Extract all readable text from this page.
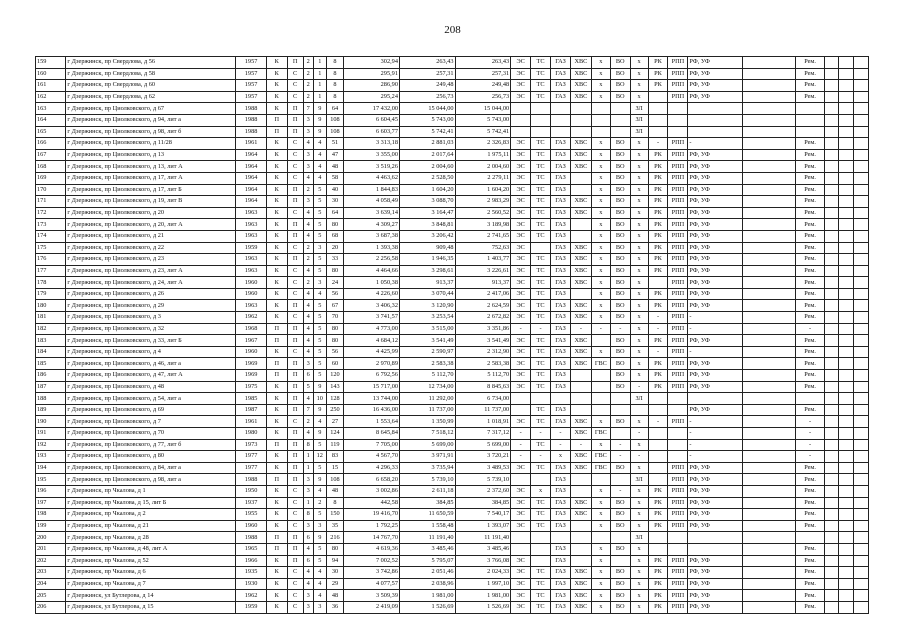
208
159	г Дзержинск, пр Свердлова, д 56	1957	К	П	2	1	8	302,94	263,43	263,43	ЭС	ТС	ГАЗ	ХВС	х	ВО	х	РК	РПП	РФ, УФ		Рем.			
160	г Дзержинск, пр Свердлова, д 58	1957	К	С	2	1	8	295,91	257,31	257,31	ЭС	ТС	ГАЗ	ХВС	х	ВО	х	РК	РПП	РФ, УФ		Рем.			
161	г Дзержинск, пр Свердлова, д 60	1957	К	С	2	1	8	286,90	249,48	249,48	ЭС	ТС	ГАЗ	ХВС	х	ВО	х	РК	РПП	РФ, УФ		Рем.			
162	г Дзержинск, пр Свердлова, д 62	1957	К	С	2	1	8	295,24	256,73	256,73	ЭС	ТС	ГАЗ	ХВС	х	ВО	х		РПП	РФ, УФ		Рем.			
163	г Дзержинск, пр Циолковского, д 67	1988	К	П	7	9	64	17 432,00	15 044,00	15 044,00							ЗЛ								
164	г Дзержинск, пр Циолковского, д 94, лит а	1988	П	П	3	9	108	6 604,45	5 743,00	5 743,00							ЗЛ								
165	г Дзержинск, пр Циолковского, д 98, лит б	1988	П	П	3	9	108	6 603,77	5 742,41	5 742,41							ЗЛ								
166	г Дзержинск, пр Циолковского, д 11/28	1961	К	С	4	4	51	3 313,18	2 881,03	2 326,83	ЭС	ТС	ГАЗ	ХВС	х	ВО	х	-	РПП	-		Рем.			
167	г Дзержинск, пр Циолковского, д 13	1964	К	С	3	4	47	3 355,00	2 017,64	1 975,11	ЭС	ТС	ГАЗ	ХВС	х	ВО	х	РК	РПП	РФ, УФ		Рем.			
168	г Дзержинск, пр Циолковского, д 13, лит А	1964	К	С	3	4	48	3 519,26	2 004,60	2 004,60	ЭС	ТС	ГАЗ	ХВС	х	ВО	х	РК	РПП	РФ, УФ		Рем.			
169	г Дзержинск, пр Циолковского, д 17, лит А	1964	К	С	4	4	58	4 463,62	2 528,50	2 279,11	ЭС	ТС	ГАЗ		х	ВО	х	РК	РПП	РФ, УФ		Рем.			
170	г Дзержинск, пр Циолковского, д 17, лит Б	1964	К	П	2	5	40	1 844,83	1 604,20	1 604,20	ЭС	ТС	ГАЗ		х	ВО	х	РК	РПП	РФ, УФ		Рем.			
171	г Дзержинск, пр Циолковского, д 19, лит В	1964	К	П	3	5	30	4 058,49	3 088,70	2 983,29	ЭС	ТС	ГАЗ	ХВС	х	ВО	х	РК	РПП	РФ, УФ		Рем.			
172	г Дзержинск, пр Циолковского, д 20	1963	К	С	4	5	64	3 639,14	3 164,47	2 560,52	ЭС	ТС	ГАЗ	ХВС	х	ВО	х	РК	РПП	РФ, УФ		Рем.			
173	г Дзержинск, пр Циолковского, д 20, лит А	1963	К	П	4	5	80	4 309,27	3 848,81	3 189,98	ЭС	ТС	ГАЗ		х	ВО	х	РК	РПП	РФ, УФ		Рем.			
174	г Дзержинск, пр Циолковского, д 21	1963	К	П	4	5	68	3 687,38	3 206,42	2 741,65	ЭС	ТС	ГАЗ		х	ВО	х	РК	РПП	РФ, УФ		Рем.			
175	г Дзержинск, пр Циолковского, д 22	1959	К	С	2	3	20	1 393,38	909,48	752,63	ЭС		ГАЗ	ХВС	х	ВО	х	РК	РПП	РФ, УФ		Рем.			
176	г Дзержинск, пр Циолковского, д 23	1963	К	П	2	5	33	2 256,58	1 946,35	1 403,77	ЭС	ТС	ГАЗ	ХВС	х	ВО	х	РК	РПП	РФ, УФ		Рем.			
177	г Дзержинск, пр Циолковского, д 23, лит А	1963	К	С	4	5	80	4 464,66	3 298,61	3 226,61	ЭС	ТС	ГАЗ	ХВС	х	ВО	х	РК	РПП	РФ, УФ		Рем.			
178	г Дзержинск, пр Циолковского, д 24, лит А	1960	К	С	2	3	24	1 050,38	913,37	913,37	ЭС	ТС	ГАЗ	ХВС	х	ВО	х		РПП	РФ, УФ		Рем.			
179	г Дзержинск, пр Циолковского, д 26	1960	К	С	4	4	56	4 226,60	3 070,44	2 417,06	ЭС	ТС	ГАЗ		х	ВО	х	РК	РПП	РФ, УФ		Рем.			
180	г Дзержинск, пр Циолковского, д 29	1963	К	П	4	5	67	3 406,32	3 120,90	2 624,59	ЭС	ТС	ГАЗ	ХВС	х	ВО	х	РК	РПП	РФ, УФ		Рем.			
181	г Дзержинск, пр Циолковского, д 3	1962	К	С	4	5	70	3 741,57	3 253,54	2 672,82	ЭС	ТС	ГАЗ	ХВС	х	ВО	х	-	РПП	-		Рем.			
182	г Дзержинск, пр Циолковского, д 32	1968	П	П	4	5	80	4 773,00	3 515,00	3 351,86	-	-	ГАЗ	-	-	-	х	-	РПП	-		-			
183	г Дзержинск, пр Циолковского, д 33, лит Б	1967	П	П	4	5	80	4 684,12	3 541,49	3 541,49	ЭС	ТС	ГАЗ	ХВС		ВО	х	РК	РПП	РФ, УФ		Рем.			
184	г Дзержинск, пр Циолковского, д 4	1960	К	С	4	5	56	4 425,99	2 590,97	2 312,90	ЭС	ТС	ГАЗ	ХВС	х	ВО	х	-	РПП	-		Рем.			
185	г Дзержинск, пр Циолковского, д 46, лит а	1969	П	П	3	5	60	2 970,89	2 583,38	2 583,38	ЭС	ТС	ГАЗ	ХВС	ГВС	ВО	х	РК	РПП	РФ, УФ		Рем.			
186	г Дзержинск, пр Циолковского, д 47, лит А	1969	П	П	6	5	120	6 792,56	5 112,70	5 112,70	ЭС	ТС	ГАЗ			ВО	х	РК	РПП	РФ, УФ		Рем.			
187	г Дзержинск, пр Циолковского, д 48	1975	К	П	5	9	143	15 717,00	12 734,00	8 845,63	ЭС	ТС	ГАЗ			ВО	-	РК	РПП	РФ, УФ		Рем.			
188	г Дзержинск, пр Циолковского, д 54, лит а	1985	К	П	4	10	128	13 744,00	11 292,00	6 734,00							ЗЛ								
189	г Дзержинск, пр Циолковского, д 69	1987	К	П	7	9	250	16 436,00	11 737,00	11 737,00		ТС	ГАЗ							РФ, УФ		Рем.			
190	г Дзержинск, пр Циолковского, д 7	1961	К	С	2	4	27	1 553,64	1 350,99	1 018,91	ЭС	ТС	ГАЗ	ХВС	х	ВО	х	-	РПП	-		-			
191	г Дзержинск, пр Циолковского, д 70	1980	К	П	4	9	124	8 645,84	7 518,12	7 317,12	-	-	-	ХВС	ГВС		-			-		-			
192	г Дзержинск, пр Циолковского, д 77, лит б	1973	П	П	8	5	119	7 705,00	5 699,00	5 699,00	-	ТС	-	-	х	-	х			-		-			
193	г Дзержинск, пр Циолковского, д 80	1977	К	П	1	12	83	4 567,70	3 971,91	3 720,21	-	-	х	ХВС	ГВС	-	-			-		-			
194	г Дзержинск, пр Циолковского, д 84, лит а	1977	К	П	1	5	15	4 296,33	3 735,94	3 489,53	ЭС	ТС	ГАЗ	ХВС	ГВС	ВО	х		РПП	РФ, УФ		Рем.			
195	г Дзержинск, пр Циолковского, д 98, лит а	1988	П	П	3	9	108	6 658,20	5 739,10	5 739,10			ГАЗ				ЗЛ		РПП	РФ, УФ		Рем.			
196	г Дзержинск, пр Чкалова, д 1	1950	К	С	3	4	48	3 002,86	2 611,18	2 372,60	ЭС	х	ГАЗ		х	-	х	РК	РПП	РФ, УФ		Рем.			
197	г Дзержинск, пр Чкалова, д 15, лит Б	1937	К	С	1	2	8	442,58	384,85	384,85	ЭС	ТС	ГАЗ	ХВС	х	ВО	х	РК	РПП	РФ, УФ		Рем.			
198	г Дзержинск, пр Чкалова, д 2	1955	К	С	8	5	150	19 416,70	11 650,59	7 540,17	ЭС	ТС	ГАЗ	ХВС	х	ВО	х	РК	РПП	РФ, УФ		Рем.			
199	г Дзержинск, пр Чкалова, д 21	1960	К	С	3	3	35	1 792,25	1 558,48	1 393,07	ЭС	ТС	ГАЗ		х	ВО	х	РК	РПП	РФ, УФ		Рем.			
200	г Дзержинск, пр Чкалова, д 28	1988	П	П	6	9	216	14 767,70	11 191,40	11 191,40							ЗЛ								
201	г Дзержинск, пр Чкалова, д 48, лит А	1965	П	П	4	5	80	4 619,36	3 485,46	3 485,46			ГАЗ		х	ВО	х					Рем.			
202	г Дзержинск, пр Чкалова, д 52	1966	К	П	6	5	94	7 002,52	5 795,07	3 766,08	ЭС		ГАЗ		х		х	РК	РПП	РФ, УФ		Рем.			
203	г Дзержинск, пр Чкалова, д 6	1935	К	С	4	4	30	3 742,86	2 051,46	2 024,33	ЭС	ТС	ГАЗ	ХВС	х	ВО	х	РК	РПП	РФ, УФ		Рем.			
204	г Дзержинск, пр Чкалова, д 7	1930	К	С	4	4	29	4 077,57	2 038,96	1 997,10	ЭС	ТС	ГАЗ	ХВС	х	ВО	х	РК	РПП	РФ, УФ		Рем.			
205	г Дзержинск, ул Бутлерова, д 14	1962	К	С	3	4	48	3 509,39	1 981,00	1 981,00	ЭС	ТС	ГАЗ	ХВС	х	ВО	х	РК	РПП	РФ, УФ		Рем.			
206	г Дзержинск, ул Бутлерова, д 15	1959	К	С	3	3	36	2 419,09	1 526,69	1 526,69	ЭС	ТС	ГАЗ	ХВС	х	ВО	х	РК	РПП	РФ, УФ		Рем.			
